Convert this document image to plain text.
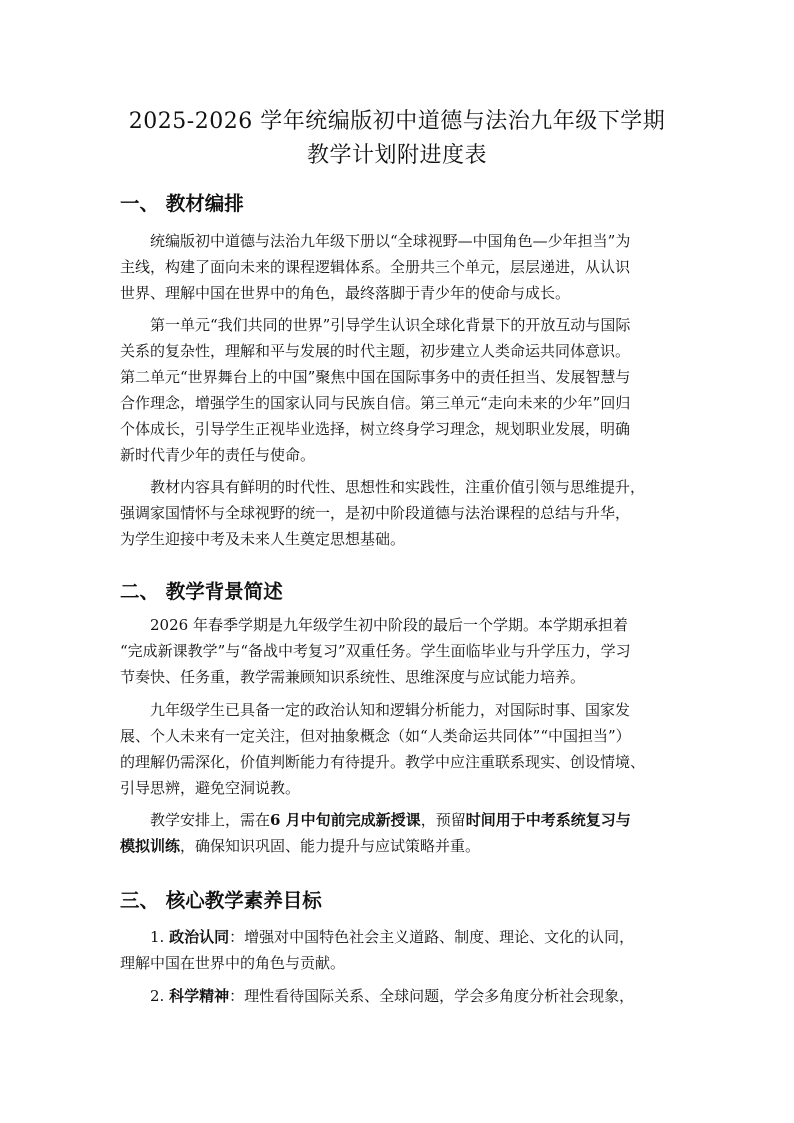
2025-2026 学年统编版初中道德与法治九年级下学期
教学计划附进度表
一、 教材编排
统编版初中道德与法治九年级下册以“全球视野—中国角色—少年担当”为
主线，构建了面向未来的课程逻辑体系。全册共三个单元，层层递进，从认识
世界、理解中国在世界中的角色，最终落脚于青少年的使命与成长。
第一单元“我们共同的世界”引导学生认识全球化背景下的开放互动与国际
关系的复杂性，理解和平与发展的时代主题，初步建立人类命运共同体意识。
第二单元“世界舞台上的中国”聚焦中国在国际事务中的责任担当、发展智慧与
合作理念，增强学生的国家认同与民族自信。第三单元“走向未来的少年”回归
个体成长，引导学生正视毕业选择，树立终身学习理念，规划职业发展，明确
新时代青少年的责任与使命。
教材内容具有鲜明的时代性、思想性和实践性，注重价值引领与思维提升，
强调家国情怀与全球视野的统一，是初中阶段道德与法治课程的总结与升华，
为学生迎接中考及未来人生奠定思想基础。
二、 教学背景简述
2026 年春季学期是九年级学生初中阶段的最后一个学期。本学期承担着
“完成新课教学”与“备战中考复习”双重任务。学生面临毕业与升学压力，学习
节奏快、任务重，教学需兼顾知识系统性、思维深度与应试能力培养。
九年级学生已具备一定的政治认知和逻辑分析能力，对国际时事、国家发
展、个人未来有一定关注，但对抽象概念（如“人类命运共同体”“中国担当”）
的理解仍需深化，价值判断能力有待提升。教学中应注重联系现实、创设情境、
引导思辨，避免空洞说教。
教学安排上，需在6 月中旬前完成新授课，预留时间用于中考系统复习与
模拟训练，确保知识巩固、能力提升与应试策略并重。
三、 核心教学素养目标
1. 政治认同：增强对中国特色社会主义道路、制度、理论、文化的认同，
理解中国在世界中的角色与贡献。
2. 科学精神：理性看待国际关系、全球问题，学会多角度分析社会现象，
